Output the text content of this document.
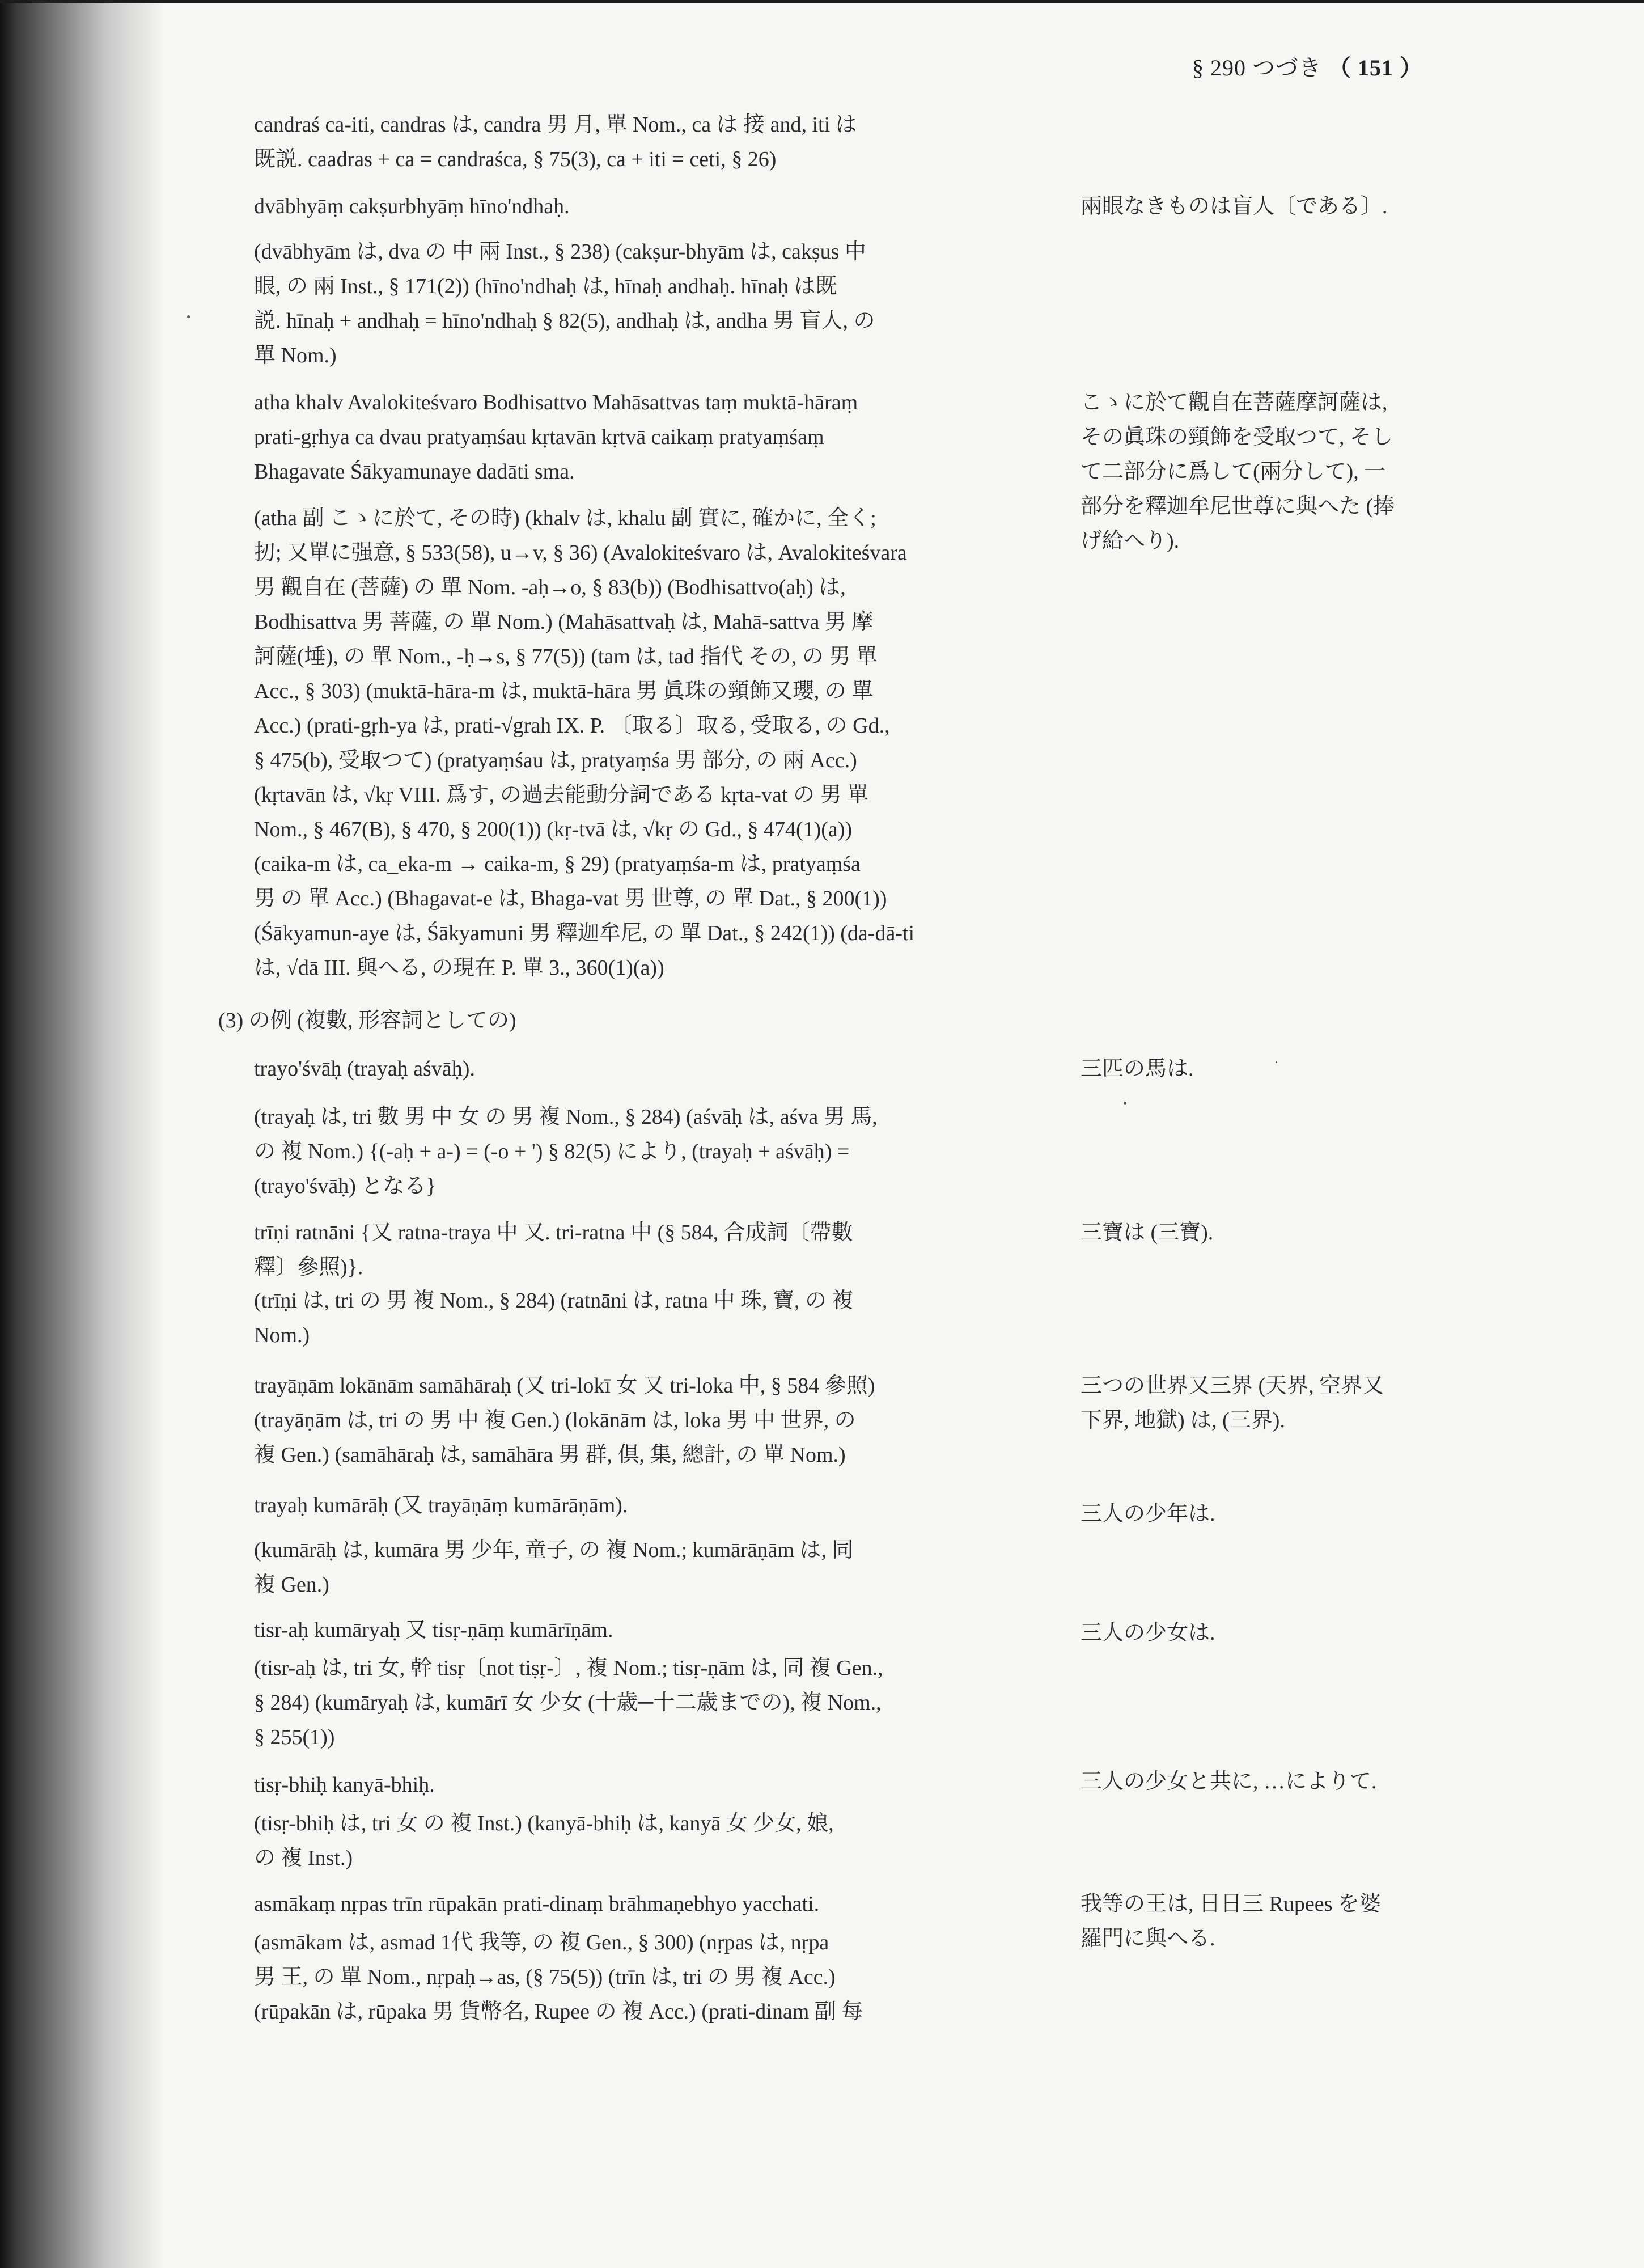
§ 290 つづき （ 151 ）
candraś ca-iti, candras は, candra 男 月, 單 Nom., ca は 接 and, iti は
既説. caadras + ca = candraśca, § 75(3), ca + iti = ceti, § 26)
dvābhyāṃ cakṣurbhyāṃ hīno'ndhaḥ.
(dvābhyām は, dva の 中 兩 Inst., § 238) (cakṣur-bhyām は, cakṣus 中
眼, の 兩 Inst., § 171(2)) (hīno'ndhaḥ は, hīnaḥ andhaḥ. hīnaḥ は既
説. hīnaḥ + andhaḥ = hīno'ndhaḥ § 82(5), andhaḥ は, andha 男 盲人, の
單 Nom.)
atha khalv Avalokiteśvaro Bodhisattvo Mahāsattvas taṃ muktā-hāraṃ
prati-gṛhya ca dvau pratyaṃśau kṛtavān kṛtvā caikaṃ pratyaṃśaṃ
Bhagavate Śākyamunaye dadāti sma.
(atha 副 こゝに於て, その時) (khalv は, khalu 副 實に, 確かに, 全く;
扨; 又單に强意, § 533(58), u→v, § 36) (Avalokiteśvaro は, Avalokiteśvara
男 觀自在 (菩薩) の 單 Nom. -aḥ→o, § 83(b)) (Bodhisattvo(aḥ) は,
Bodhisattva 男 菩薩, の 單 Nom.) (Mahāsattvaḥ は, Mahā-sattva 男 摩
訶薩(埵), の 單 Nom., -ḥ→s, § 77(5)) (tam は, tad 指代 その, の 男 單
Acc., § 303) (muktā-hāra-m は, muktā-hāra 男 眞珠の頸飾又瓔, の 單
Acc.) (prati-gṛh-ya は, prati-√grah IX. P. 〔取る〕取る, 受取る, の Gd.,
§ 475(b), 受取つて) (pratyaṃśau は, pratyaṃśa 男 部分, の 兩 Acc.)
(kṛtavān は, √kṛ VIII. 爲す, の過去能動分詞である kṛta-vat の 男 單
Nom., § 467(B), § 470, § 200(1)) (kṛ-tvā は, √kṛ の Gd., § 474(1)(a))
(caika-m は, ca_eka-m → caika-m, § 29) (pratyaṃśa-m は, pratyaṃśa
男 の 單 Acc.) (Bhagavat-e は, Bhaga-vat 男 世尊, の 單 Dat., § 200(1))
(Śākyamun-aye は, Śākyamuni 男 釋迦牟尼, の 單 Dat., § 242(1)) (da-dā-ti
は, √dā III. 與へる, の現在 P. 單 3., 360(1)(a))
(3) の例 (複數, 形容詞としての)
trayo'śvāḥ (trayaḥ aśvāḥ).
(trayaḥ は, tri 數 男 中 女 の 男 複 Nom., § 284) (aśvāḥ は, aśva 男 馬,
の 複 Nom.) {(-aḥ + a-) = (-o + ') § 82(5) により, (trayaḥ + aśvāḥ) =
(trayo'śvāḥ) となる}
trīṇi ratnāni {又 ratna-traya 中 又. tri-ratna 中 (§ 584, 合成詞〔帶數
釋〕參照)}.
(trīṇi は, tri の 男 複 Nom., § 284) (ratnāni は, ratna 中 珠, 寶, の 複
Nom.)
trayāṇām lokānām samāhāraḥ (又 tri-lokī 女 又 tri-loka 中, § 584 參照)
(trayāṇām は, tri の 男 中 複 Gen.) (lokānām は, loka 男 中 世界, の
複 Gen.) (samāhāraḥ は, samāhāra 男 群, 倶, 集, 總計, の 單 Nom.)
trayaḥ kumārāḥ (又 trayāṇāṃ kumārāṇām).
(kumārāḥ は, kumāra 男 少年, 童子, の 複 Nom.; kumārāṇām は, 同
複 Gen.)
tisr-aḥ kumāryaḥ 又 tisṛ-ṇāṃ kumārīṇām.
(tisr-aḥ は, tri 女, 幹 tisṛ〔not tiṣṛ-〕, 複 Nom.; tisṛ-ṇām は, 同 複 Gen.,
§ 284) (kumāryaḥ は, kumārī 女 少女 (十歳─十二歳までの), 複 Nom.,
§ 255(1))
tisṛ-bhiḥ kanyā-bhiḥ.
(tisṛ-bhiḥ は, tri 女 の 複 Inst.) (kanyā-bhiḥ は, kanyā 女 少女, 娘,
の 複 Inst.)
asmākaṃ nṛpas trīn rūpakān prati-dinaṃ brāhmaṇebhyo yacchati.
(asmākam は, asmad 1代 我等, の 複 Gen., § 300) (nṛpas は, nṛpa
男 王, の 單 Nom., nṛpaḥ→as, (§ 75(5)) (trīn は, tri の 男 複 Acc.)
(rūpakān は, rūpaka 男 貨幣名, Rupee の 複 Acc.) (prati-dinam 副 每
兩眼なきものは盲人〔である〕.
こゝに於て觀自在菩薩摩訶薩は,
その眞珠の頸飾を受取つて, そし
て二部分に爲して(兩分して), 一
部分を釋迦牟尼世尊に與へた (捧
げ給へり).
三匹の馬は.
三寶は (三寶).
三つの世界又三界 (天界, 空界又
下界, 地獄) は, (三界).
三人の少年は.
三人の少女は.
三人の少女と共に, …によりて.
我等の王は, 日日三 Rupees を婆
羅門に與へる.
